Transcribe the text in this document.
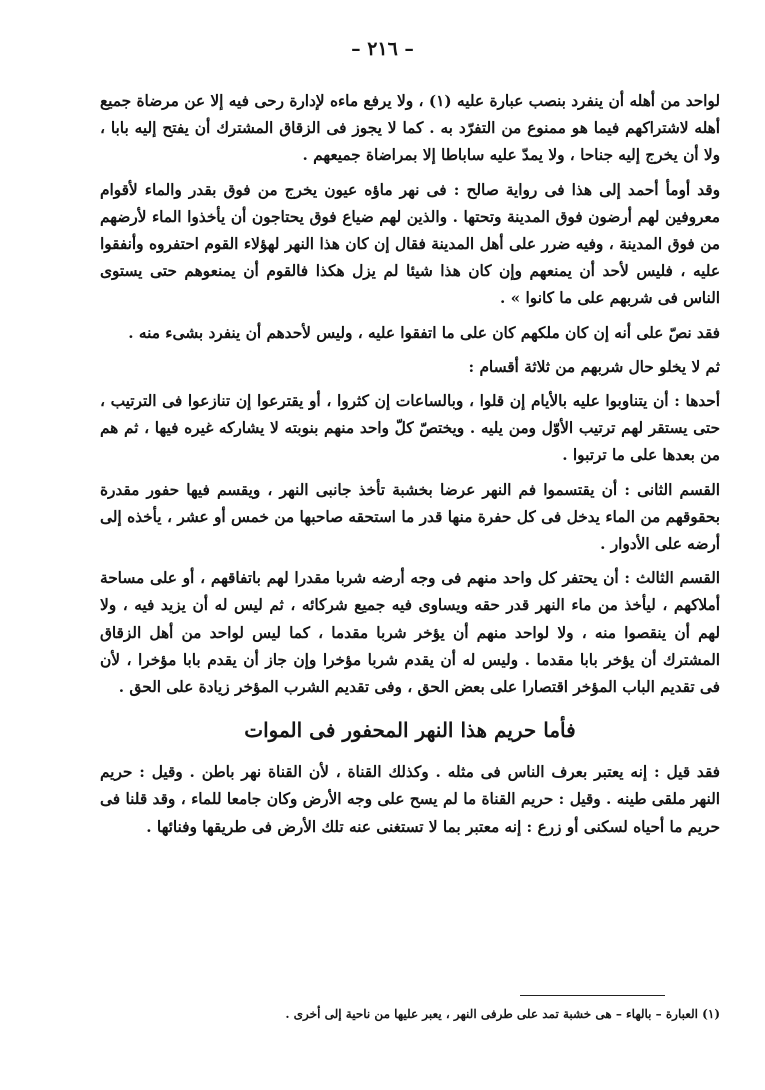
– ٢١٦ –

لواحد من أهله أن ينفرد بنصب عبارة عليه (١) ، ولا يرفع ماءه لإدارة رحى فيه إلا عن مرضاة جميع أهله لاشتراكهم فيما هو ممنوع من التفرّد به . كما لا يجوز فى الزقاق المشترك أن يفتح إليه بابا ، ولا أن يخرج إليه جناحا ، ولا يمدّ عليه ساباطا إلا بمراضاة جميعهم .

وقد أومأ أحمد إلى هذا فى رواية صالح : فى نهر ماؤه عيون يخرج من فوق بقدر والماء لأقوام معروفين لهم أرضون فوق المدينة وتحتها . والذين لهم ضياع فوق يحتاجون أن يأخذوا الماء لأرضهم من فوق المدينة ، وفيه ضرر على أهل المدينة فقال إن كان هذا النهر لهؤلاء القوم احتفروه وأنفقوا عليه ، فليس لأحد أن يمنعهم وإن كان هذا شيئا لم يزل هكذا فالقوم أن يمنعوهم حتى يستوى الناس فى شربهم على ما كانوا » .

فقد نصّ على أنه إن كان ملكهم كان على ما اتفقوا عليه ، وليس لأحدهم أن ينفرد بشىء منه .

ثم لا يخلو حال شربهم من ثلاثة أقسام :

أحدها : أن يتناوبوا عليه بالأيام إن قلوا ، وبالساعات إن كثروا ، أو يقترعوا إن تنازعوا فى الترتيب ، حتى يستقر لهم ترتيب الأوّل ومن يليه . ويختصّ كلّ واحد منهم بنوبته لا يشاركه غيره فيها ، ثم هم من بعدها على ما ترتبوا .

القسم الثانى : أن يقتسموا فم النهر عرضا بخشبة تأخذ جانبى النهر ، ويقسم فيها حفور مقدرة بحقوقهم من الماء يدخل فى كل حفرة منها قدر ما استحقه صاحبها من خمس أو عشر ، يأخذه إلى أرضه على الأدوار .

القسم الثالث : أن يحتفر كل واحد منهم فى وجه أرضه شربا مقدرا لهم باتفاقهم ، أو على مساحة أملاكهم ، ليأخذ من ماء النهر قدر حقه ويساوى فيه جميع شركائه ، ثم ليس له أن يزيد فيه ، ولا لهم أن ينقصوا منه ، ولا لواحد منهم أن يؤخر شربا مقدما ، كما ليس لواحد من أهل الزقاق المشترك أن يؤخر بابا مقدما . وليس له أن يقدم شربا مؤخرا وإن جاز أن يقدم بابا مؤخرا ، لأن فى تقديم الباب المؤخر اقتصارا على بعض الحق ، وفى تقديم الشرب المؤخر زيادة على الحق .

فأما حريم هذا النهر المحفور فى الموات

فقد قيل : إنه يعتبر بعرف الناس فى مثله . وكذلك القناة ، لأن القناة نهر باطن . وقيل : حريم النهر ملقى طينه . وقيل : حريم القناة ما لم يسح على وجه الأرض وكان جامعا للماء ، وقد قلنا فى حريم ما أحياه لسكنى أو زرع : إنه معتبر بما لا تستغنى عنه تلك الأرض فى طريقها وفنائها .

(١) العبارة – بالهاء – هى خشبة تمد على طرفى النهر ، يعبر عليها من ناحية إلى أخرى .
